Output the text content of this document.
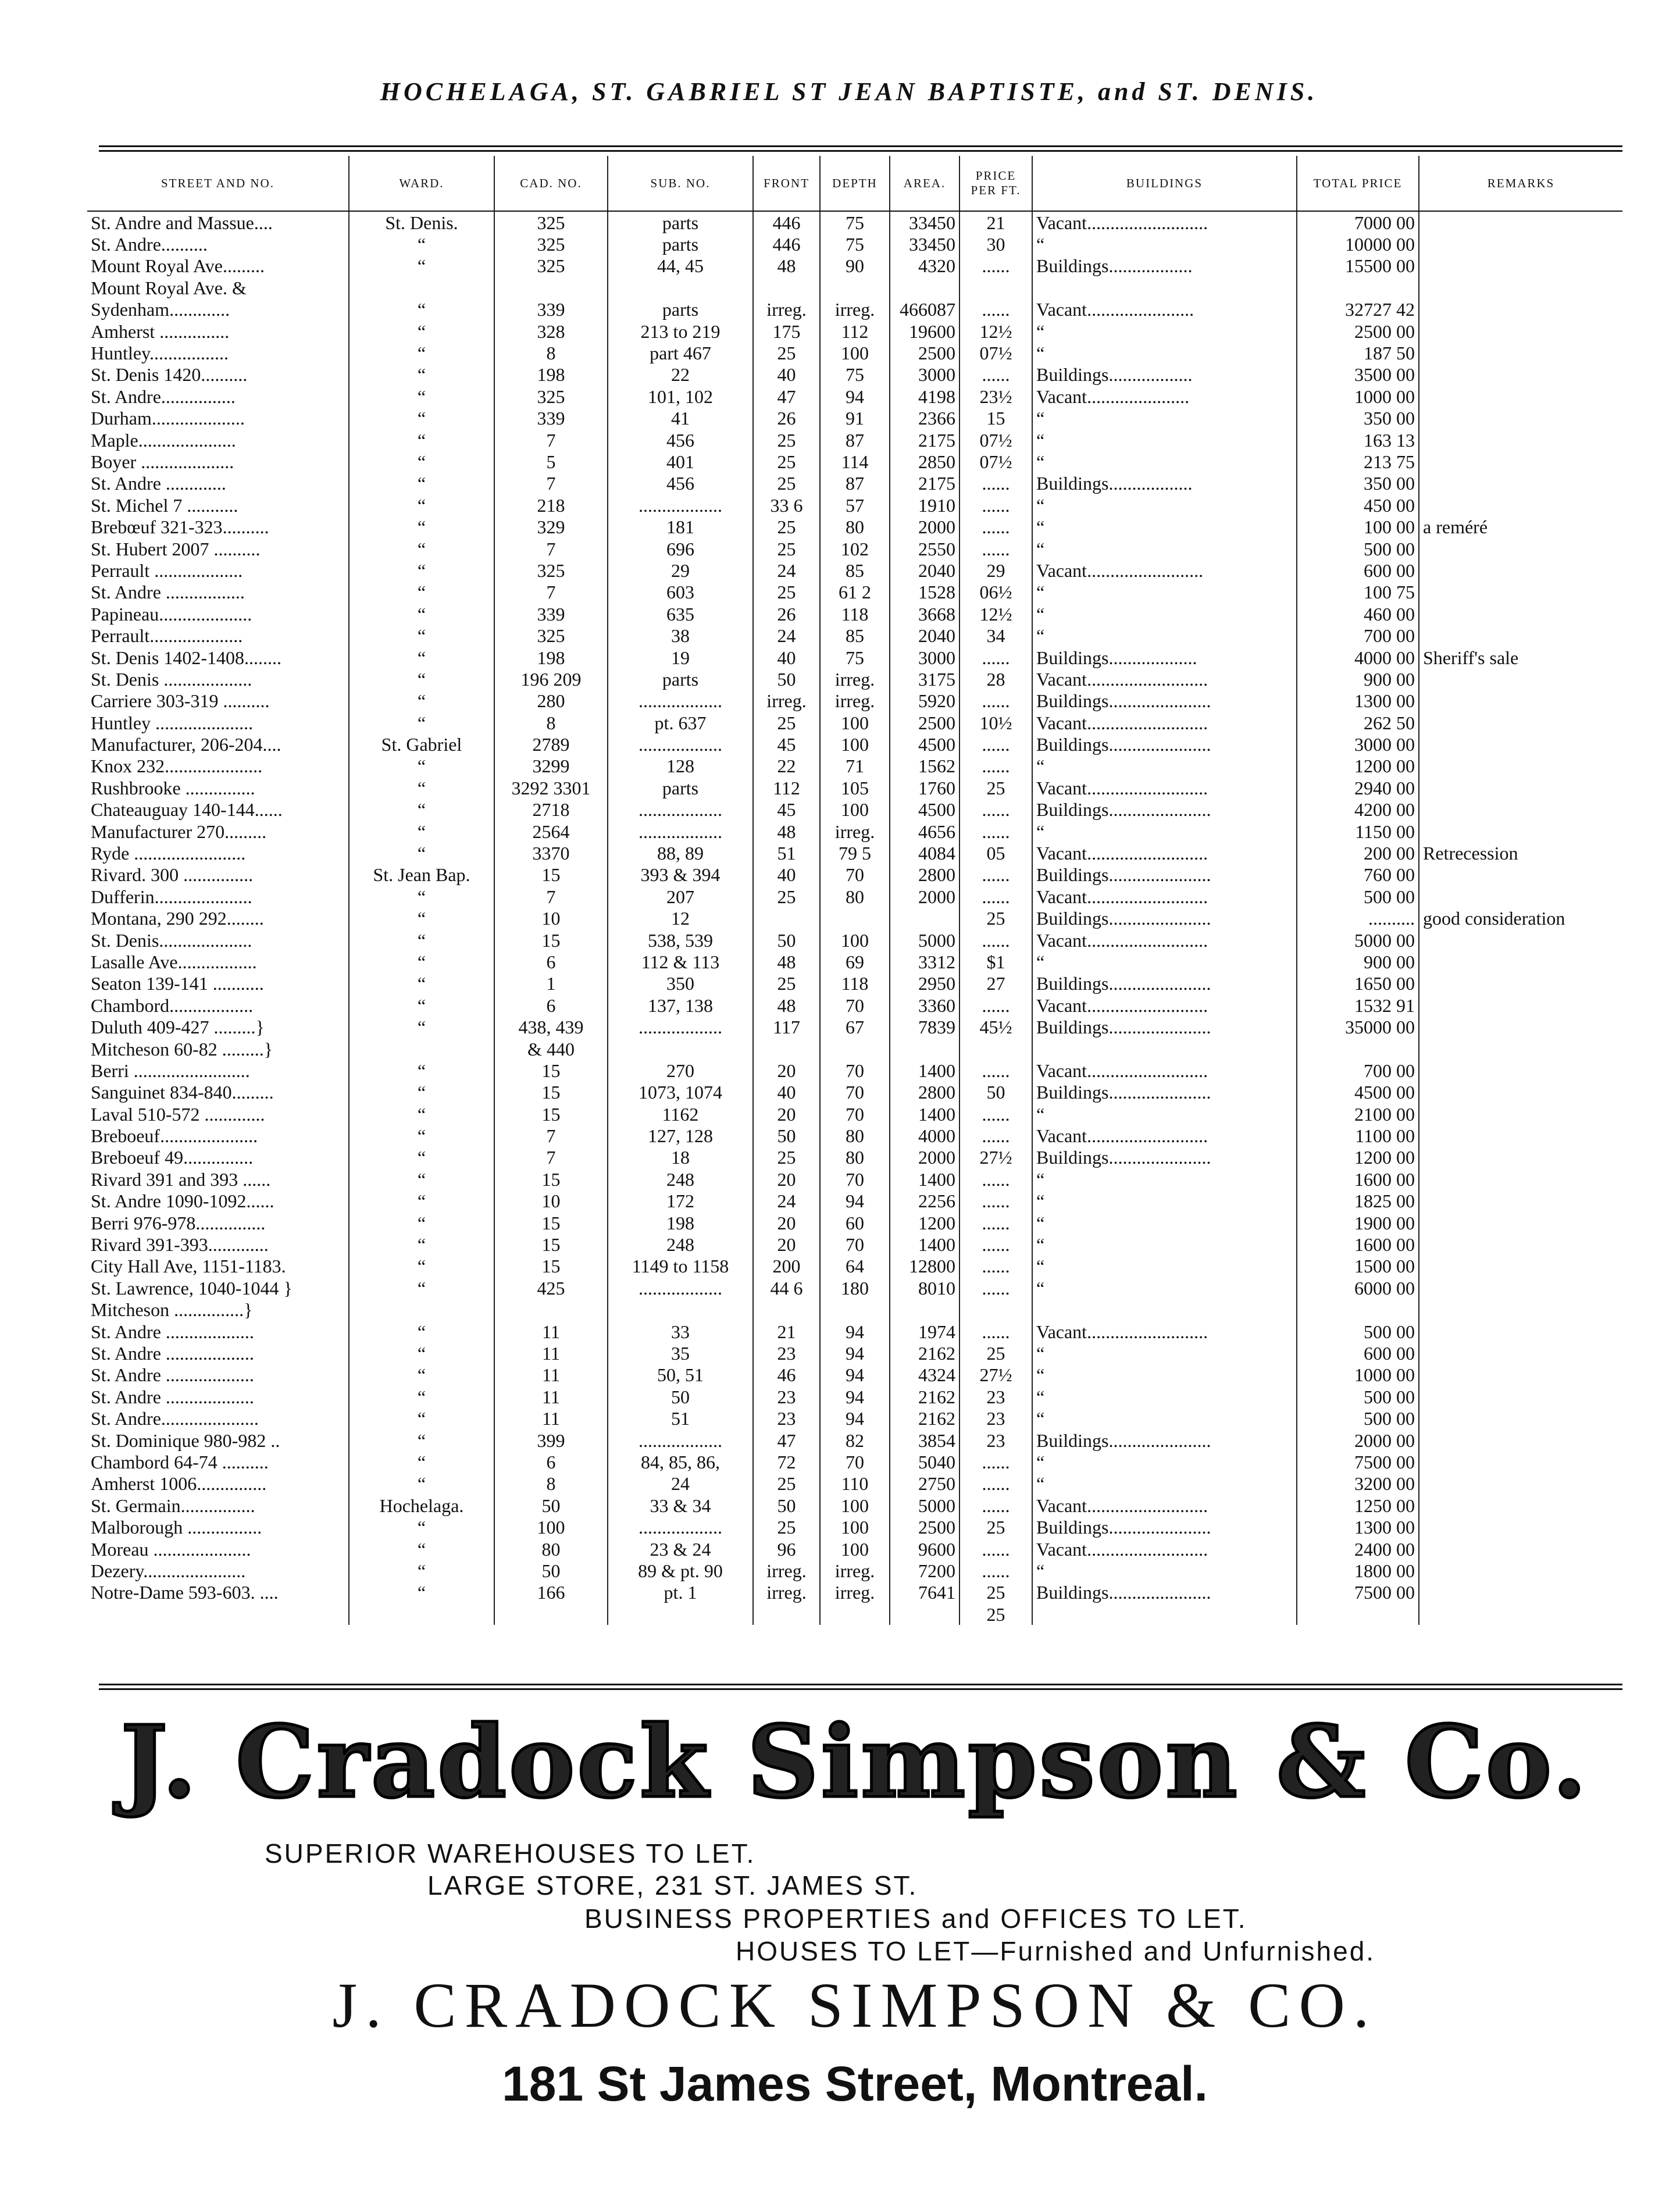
HOCHELAGA, ST. GABRIEL ST JEAN BAPTISTE, and ST. DENIS.
STREET AND NO.	WARD.	CAD. NO.	SUB. NO.	FRONT	DEPTH	AREA.	PRICE PER FT.	BUILDINGS	TOTAL PRICE	REMARKS
St. Andre and Massue....	St. Denis.	325	parts	446	75	33450	21	Vacant..........................	7000 00	
St. Andre..........	“	325	parts	446	75	33450	30	“	10000 00	
Mount Royal Ave.........	“	325	44, 45	48	90	4320	......	Buildings..................	15500 00	
Mount Royal Ave. &										
Sydenham.............	“	339	parts	irreg.	irreg.	466087	......	Vacant.......................	32727 42	
Amherst ...............	“	328	213 to 219	175	112	19600	12½	“	2500 00	
Huntley.................	“	8	part 467	25	100	2500	07½	“	187 50	
St. Denis 1420..........	“	198	22	40	75	3000	......	Buildings..................	3500 00	
St. Andre................	“	325	101, 102	47	94	4198	23½	Vacant......................	1000 00	
Durham....................	“	339	41	26	91	2366	15	“	350 00	
Maple.....................	“	7	456	25	87	2175	07½	“	163 13	
Boyer ....................	“	5	401	25	114	2850	07½	“	213 75	
St. Andre .............	“	7	456	25	87	2175	......	Buildings..................	350 00	
St. Michel 7 ...........	“	218	..................	33 6	57	1910	......	“	450 00	
Brebœuf 321-323..........	“	329	181	25	80	2000	......	“	100 00	a reméré
St. Hubert 2007 ..........	“	7	696	25	102	2550	......	“	500 00	
Perrault ...................	“	325	29	24	85	2040	29	Vacant.........................	600 00	
St. Andre .................	“	7	603	25	61 2	1528	06½	“	100 75	
Papineau....................	“	339	635	26	118	3668	12½	“	460 00	
Perrault....................	“	325	38	24	85	2040	34	“	700 00	
St. Denis 1402-1408........	“	198	19	40	75	3000	......	Buildings...................	4000 00	Sheriff's sale
St. Denis ...................	“	196 209	parts	50	irreg.	3175	28	Vacant..........................	900 00	
Carriere 303-319 ..........	“	280	..................	irreg.	irreg.	5920	......	Buildings......................	1300 00	
Huntley .....................	“	8	pt. 637	25	100	2500	10½	Vacant..........................	262 50	
Manufacturer, 206-204....	St. Gabriel	2789	..................	45	100	4500	......	Buildings......................	3000 00	
Knox 232.....................	“	3299	128	22	71	1562	......	“	1200 00	
Rushbrooke ...............	“	3292 3301	parts	112	105	1760	25	Vacant..........................	2940 00	
Chateauguay 140-144......	“	2718	..................	45	100	4500	......	Buildings......................	4200 00	
Manufacturer 270.........	“	2564	..................	48	irreg.	4656	......	“	1150 00	
Ryde ........................	“	3370	88, 89	51	79 5	4084	05	Vacant..........................	200 00	Retrecession
Rivard. 300 ...............	St. Jean Bap.	15	393 & 394	40	70	2800	......	Buildings......................	760 00	
Dufferin.....................	“	7	207	25	80	2000	......	Vacant..........................	500 00	
Montana, 290 292........	“	10	12				25	Buildings......................	..........	good consideration
St. Denis....................	“	15	538, 539	50	100	5000	......	Vacant..........................	5000 00	
Lasalle Ave.................	“	6	112 & 113	48	69	3312	$1	“	900 00	
Seaton 139-141 ...........	“	1	350	25	118	2950	27	Buildings......................	1650 00	
Chambord..................	“	6	137, 138	48	70	3360	......	Vacant..........................	1532 91	
Duluth 409-427 .........}	“	438, 439	..................	117	67	7839	45½	Buildings......................	35000 00	
Mitcheson 60-82 .........}		& 440								
Berri .........................	“	15	270	20	70	1400	......	Vacant..........................	700 00	
Sanguinet 834-840.........	“	15	1073, 1074	40	70	2800	50	Buildings......................	4500 00	
Laval 510-572 .............	“	15	1162	20	70	1400	......	“	2100 00	
Breboeuf.....................	“	7	127, 128	50	80	4000	......	Vacant..........................	1100 00	
Breboeuf 49...............	“	7	18	25	80	2000	27½	Buildings......................	1200 00	
Rivard 391 and 393 ......	“	15	248	20	70	1400	......	“	1600 00	
St. Andre 1090-1092......	“	10	172	24	94	2256	......	“	1825 00	
Berri 976-978...............	“	15	198	20	60	1200	......	“	1900 00	
Rivard 391-393.............	“	15	248	20	70	1400	......	“	1600 00	
City Hall Ave, 1151-1183.	“	15	1149 to 1158	200	64	12800	......	“	1500 00	
St. Lawrence, 1040-1044 }	“	425	..................	44 6	180	8010	......	“	6000 00	
Mitcheson ...............}										
St. Andre ...................	“	11	33	21	94	1974	......	Vacant..........................	500 00	
St. Andre ...................	“	11	35	23	94	2162	25	“	600 00	
St. Andre ...................	“	11	50, 51	46	94	4324	27½	“	1000 00	
St. Andre ...................	“	11	50	23	94	2162	23	“	500 00	
St. Andre.....................	“	11	51	23	94	2162	23	“	500 00	
St. Dominique 980-982 ..	“	399	..................	47	82	3854	23	Buildings......................	2000 00	
Chambord 64-74 ..........	“	6	84, 85, 86,	72	70	5040	......	“	7500 00	
Amherst 1006...............	“	8	24	25	110	2750	......	“	3200 00	
St. Germain................	Hochelaga.	50	33 & 34	50	100	5000	......	Vacant..........................	1250 00	
Malborough ................	“	100	..................	25	100	2500	25	Buildings......................	1300 00	
Moreau .....................	“	80	23 & 24	96	100	9600	......	Vacant..........................	2400 00	
Dezery......................	“	50	89 & pt. 90	irreg.	irreg.	7200	......	“	1800 00	
Notre-Dame 593-603. ....	“	166	pt. 1	irreg.	irreg.	7641	25	Buildings......................	7500 00	
							25			
J. Cradock Simpson & Co.
SUPERIOR WAREHOUSES TO LET.
LARGE STORE, 231 ST. JAMES ST.
BUSINESS PROPERTIES and OFFICES TO LET.
HOUSES TO LET—Furnished and Unfurnished.
J. CRADOCK SIMPSON & CO.
181 St James Street, Montreal.
